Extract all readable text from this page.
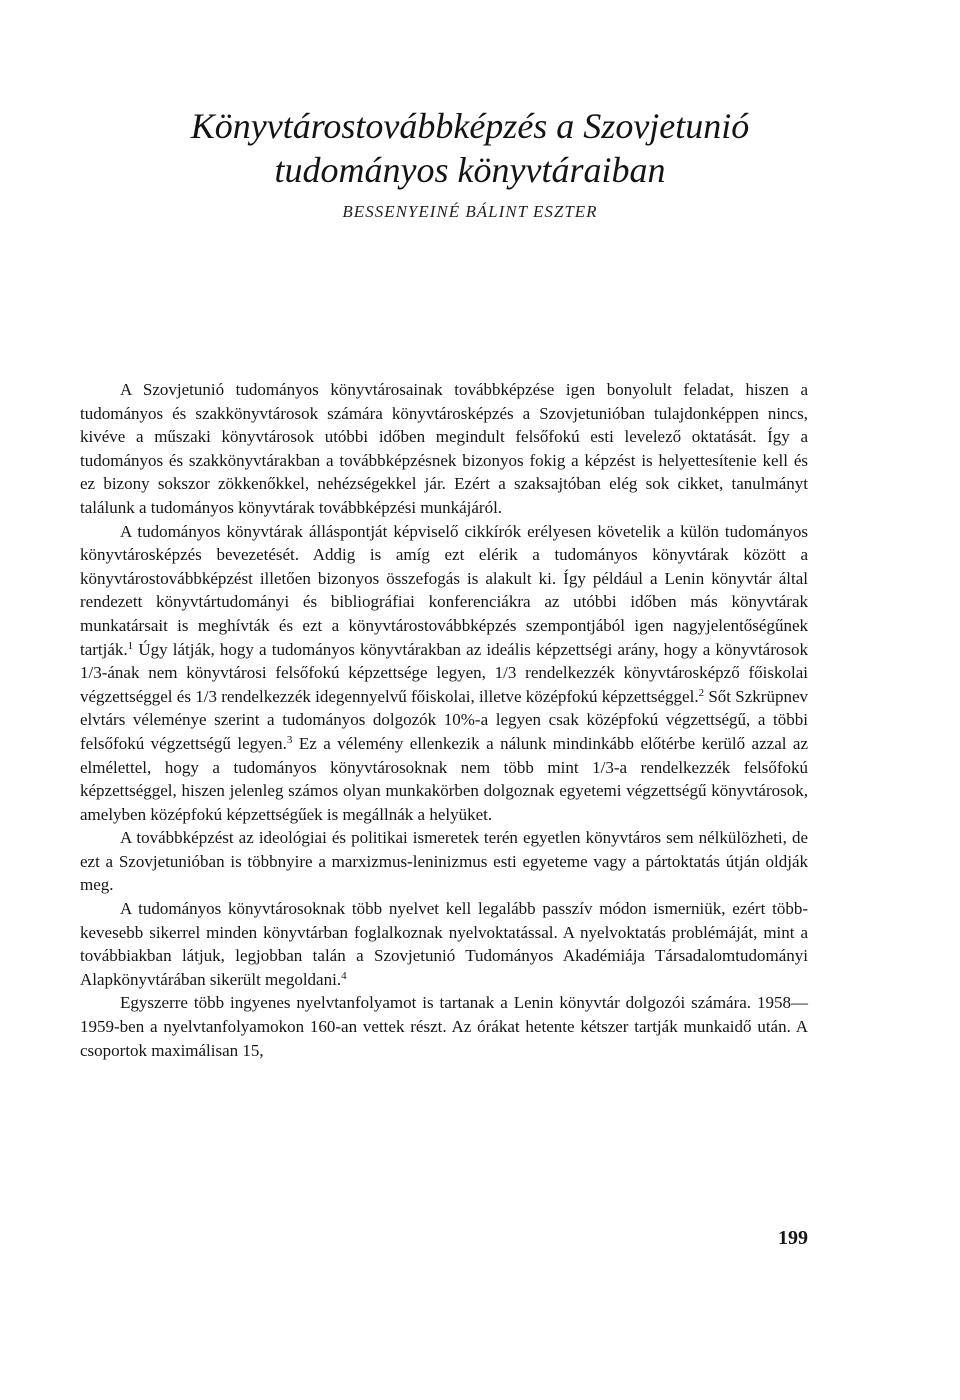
Könyvtárostovábbképzés a Szovjetunió
tudományos könyvtáraiban
BESSENYEINÉ BÁLINT ESZTER

A Szovjetunió tudományos könyvtárosainak továbbképzése igen bonyolult feladat, hiszen a tudományos és szakkönyvtárosok számára könyvtárosképzés a Szovjetunióban tulajdonképpen nincs, kivéve a műszaki könyvtárosok utóbbi időben megindult felsőfokú esti levelező oktatását. Így a tudományos és szakkönyvtárakban a továbbképzésnek bizonyos fokig a képzést is helyettesítenie kell és ez bizony sokszor zökkenőkkel, nehézségekkel jár. Ezért a szaksajtóban elég sok cikket, tanulmányt találunk a tudományos könyvtárak továbbképzési munkájáról.

A tudományos könyvtárak álláspontját képviselő cikkírók erélyesen követelik a külön tudományos könyvtárosképzés bevezetését. Addig is amíg ezt elérik a tudományos könyvtárak között a könyvtárostovábbképzést illetően bizonyos összefogás is alakult ki. Így például a Lenin könyvtár által rendezett könyvtártudományi és bibliográfiai konferenciákra az utóbbi időben más könyvtárak munkatársait is meghívták és ezt a könyvtárostovábbképzés szempontjából igen nagyjelentőségűnek tartják.$^1$ Úgy látják, hogy a tudományos könyvtárakban az ideális képzettségi arány, hogy a könyvtárosok 1/3-ának nem könyvtárosi felsőfokú képzettsége legyen, 1/3 rendelkezzék könyvtárosképző főiskolai végzettséggel és 1/3 rendelkezzék idegennyelvű főiskolai, illetve középfokú képzettséggel.$^2$ Sőt Szkrüpnev elvtárs véleménye szerint a tudományos dolgozók 10%-a legyen csak középfokú végzettségű, a többi felsőfokú végzettségű legyen.$^3$ Ez a vélemény ellenkezik a nálunk mindinkább előtérbe kerülő azzal az elmélettel, hogy a tudományos könyvtárosoknak nem több mint 1/3-a rendelkezzék felsőfokú képzettséggel, hiszen jelenleg számos olyan munkakörben dolgoznak egyetemi végzettségű könyvtárosok, amelyben középfokú képzettségűek is megállnák a helyüket.

A továbbképzést az ideológiai és politikai ismeretek terén egyetlen könyvtáros sem nélkülözheti, de ezt a Szovjetunióban is többnyire a marxizmus-leninizmus esti egyeteme vagy a pártoktatás útján oldják meg.

A tudományos könyvtárosoknak több nyelvet kell legalább passzív módon ismerniük, ezért több-kevesebb sikerrel minden könyvtárban foglalkoznak nyelvoktatással. A nyelvoktatás problémáját, mint a továbbiakban látjuk, legjobban talán a Szovjetunió Tudományos Akadémiája Társadalomtudományi Alapkönyvtárában sikerült megoldani.$^4$

Egyszerre több ingyenes nyelvtanfolyamot is tartanak a Lenin könyvtár dolgozói számára. 1958—1959-ben a nyelvtanfolyamokon 160-an vettek részt. Az órákat hetente kétszer tartják munkaidő után. A csoportok maximálisan 15,

199
